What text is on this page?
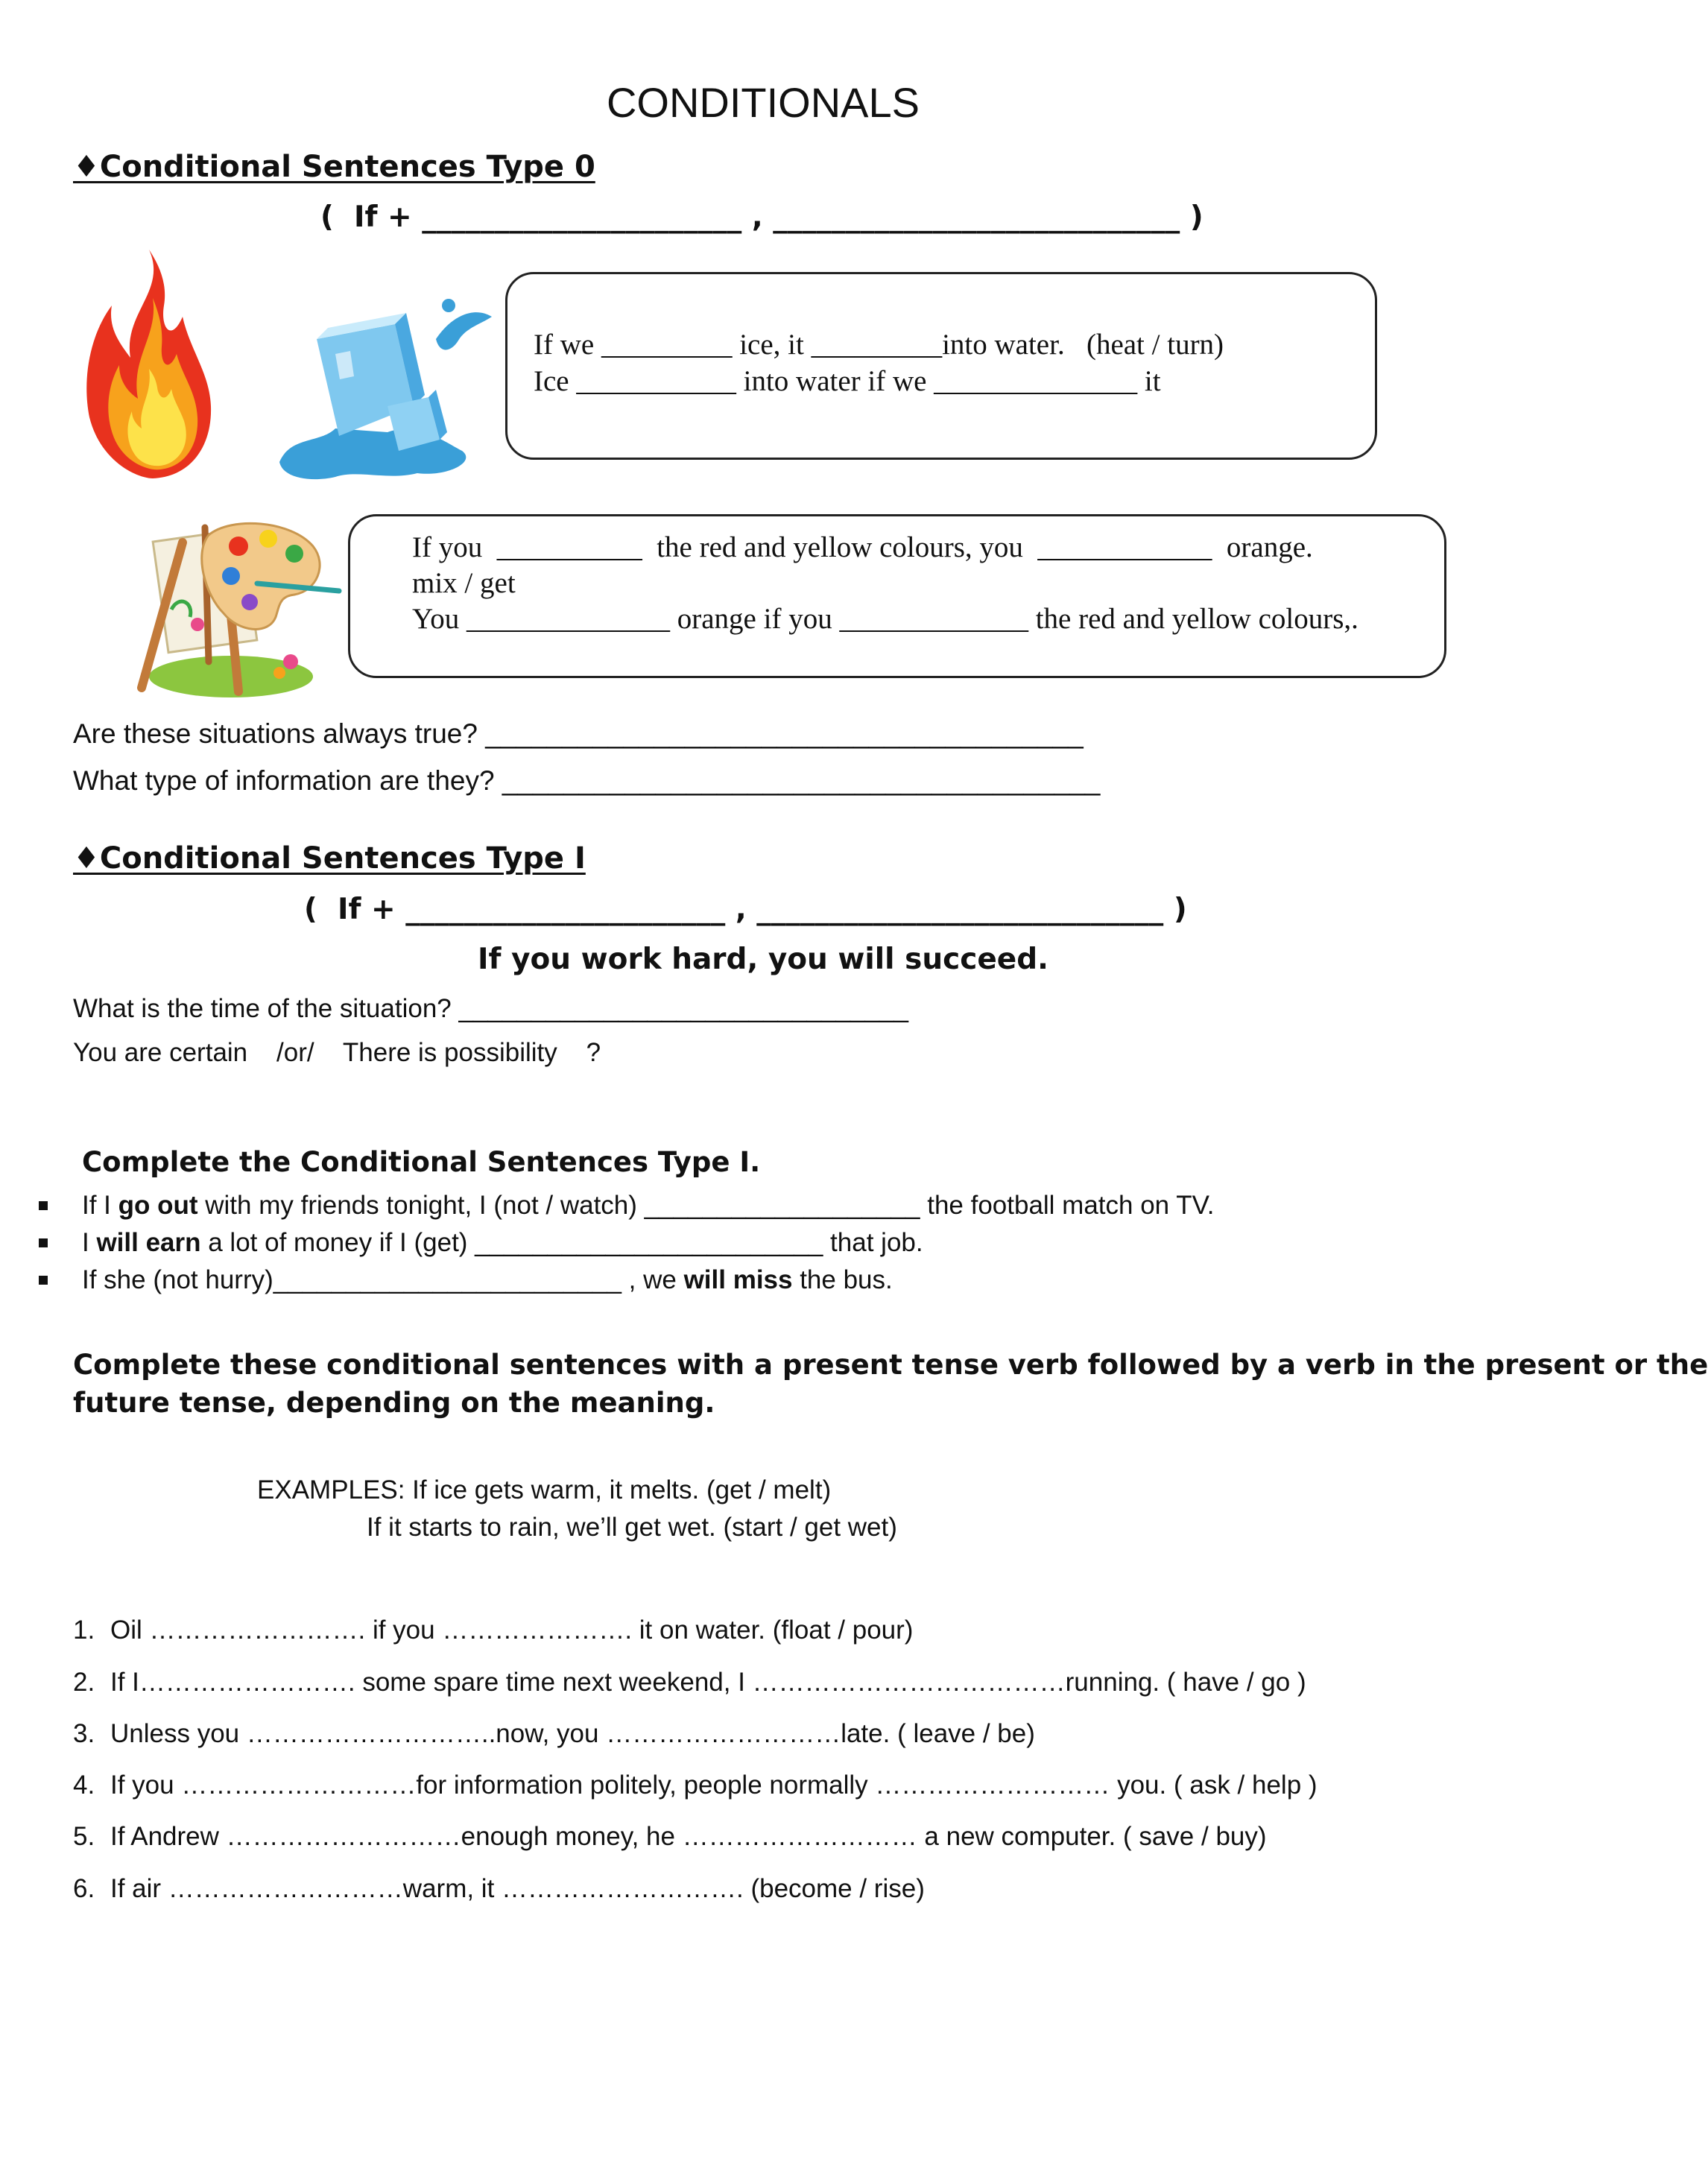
CONDITIONALS
♦Conditional Sentences Type 0
(  If + ______________________ , ____________________________ )
If we _________ ice, it _________into water.   (heat / turn)
Ice ___________ into water if we ______________ it
If you  __________  the red and yellow colours, you  ____________  orange.
mix / get
You ______________ orange if you _____________ the red and yellow colours,.
Are these situations always true? _______________________________________
What type of information are they? _______________________________________
♦Conditional Sentences Type I
(  If + ______________________ , ____________________________ )
If you work hard, you will succeed.
What is the time of the situation? _______________________________
You are certain    /or/    There is possibility    ?
Complete the Conditional Sentences Type I.
If I go out with my friends tonight, I (not / watch) ___________________ the football match on TV.
I will earn a lot of money if I (get) ________________________ that job.
If she (not hurry)________________________ , we will miss the bus.
Complete these conditional sentences with a present tense verb followed by a verb in the present or the
future tense, depending on the meaning.
EXAMPLES: If ice gets warm, it melts. (get / melt)
If it starts to rain, we’ll get wet. (start / get wet)
1. Oil ……………………. if you …………………. it on water. (float / pour)
2. If I……………………. some spare time next weekend, I ………………………………running. ( have / go )
3. Unless you ………………………..now, you ………………………late. ( leave / be)
4. If you ………………………for information politely, people normally ……………………… you. ( ask / help )
5. If Andrew ………………………enough money, he ……………………… a new computer. ( save / buy)
6. If air ………………………warm, it ………………………. (become / rise)
